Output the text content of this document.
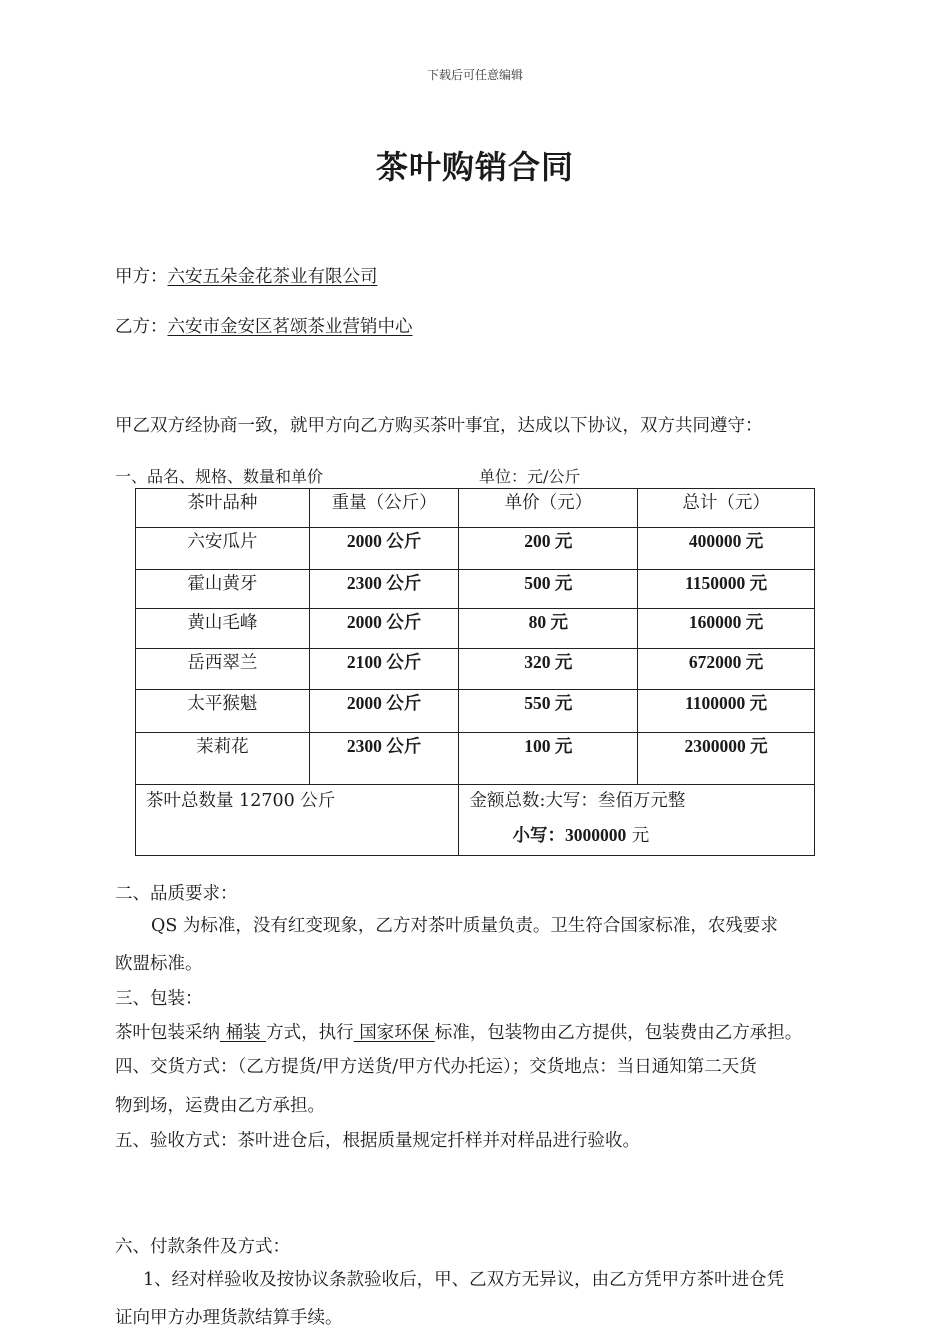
下载后可任意编辑
茶叶购销合同
甲方：六安五朵金花茶业有限公司
乙方：六安市金安区茗颂茶业营销中心
甲乙双方经协商一致，就甲方向乙方购买茶叶事宜，达成以下协议，双方共同遵守：
一、品名、规格、数量和单价	单位：元/公斤
茶叶品种	重量（公斤）	单价（元）	总计（元）
六安瓜片	2000 公斤	200 元	400000 元
霍山黄牙	2300 公斤	500 元	1150000 元
黄山毛峰	2000 公斤	80 元	160000 元
岳西翠兰	2100 公斤	320 元	672000 元
太平猴魁	2000 公斤	550 元	1100000 元
茉莉花	2300 公斤	100 元	2300000 元
茶叶总数量 12700 公斤		金额总数:大写：叁佰万元整
小写：3000000 元	
二、品质要求：
QS 为标准，没有红变现象，乙方对茶叶质量负责。卫生符合国家标准，农残要求
欧盟标准。
三、包装：
茶叶包装采纳 桶装 方式，执行 国家环保 标准，包装物由乙方提供，包装费由乙方承担。
四、交货方式：（乙方提货/甲方送货/甲方代办托运）；交货地点：当日通知第二天货
物到场，运费由乙方承担。
五、验收方式：茶叶进仓后，根据质量规定扦样并对样品进行验收。
六、付款条件及方式：
1、经对样验收及按协议条款验收后，甲、乙双方无异议，由乙方凭甲方茶叶进仓凭
证向甲方办理货款结算手续。
